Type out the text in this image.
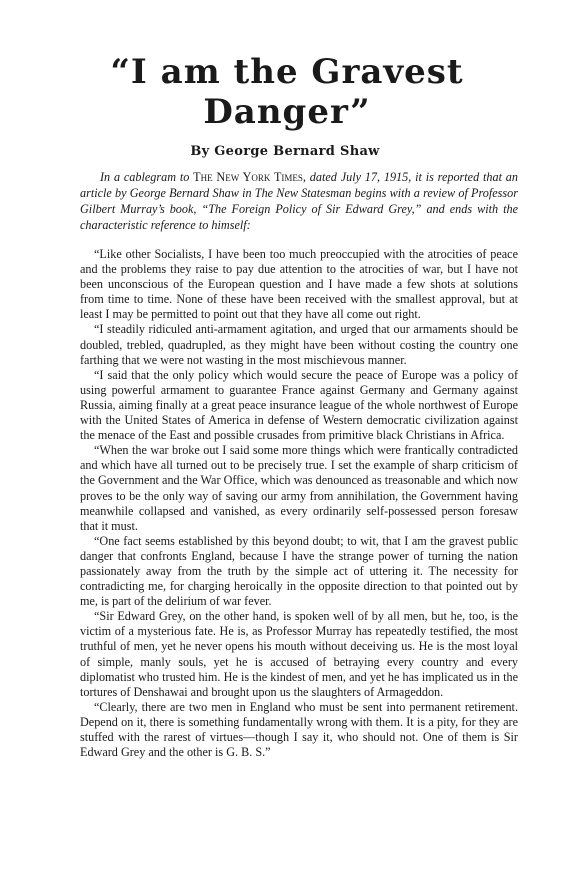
“I am the Gravest Danger”
By George Bernard Shaw
In a cablegram to The New York Times, dated July 17, 1915, it is reported that an article by George Bernard Shaw in The New Statesman begins with a review of Professor Gilbert Murray’s book, “The Foreign Policy of Sir Edward Grey,” and ends with the characteristic reference to himself:

“Like other Socialists, I have been too much preoccupied with the atrocities of peace and the problems they raise to pay due attention to the atrocities of war, but I have not been unconscious of the European question and I have made a few shots at solutions from time to time. None of these have been received with the smallest approval, but at least I may be permitted to point out that they have all come out right.

“I steadily ridiculed anti-armament agitation, and urged that our armaments should be doubled, trebled, quadrupled, as they might have been without costing the country one farthing that we were not wasting in the most mischievous manner.

“I said that the only policy which would secure the peace of Europe was a policy of using powerful armament to guarantee France against Germany and Germany against Russia, aiming finally at a great peace insurance league of the whole northwest of Europe with the United States of America in defense of Western democratic civilization against the menace of the East and possible crusades from primitive black Christians in Africa.

“When the war broke out I said some more things which were frantically contradicted and which have all turned out to be precisely true. I set the example of sharp criticism of the Government and the War Office, which was denounced as treasonable and which now proves to be the only way of saving our army from annihilation, the Government having meanwhile collapsed and vanished, as every ordinarily self-possessed person foresaw that it must.

“One fact seems established by this beyond doubt; to wit, that I am the gravest public danger that confronts England, because I have the strange power of turning the nation passionately away from the truth by the simple act of uttering it. The necessity for contradicting me, for charging heroically in the opposite direction to that pointed out by me, is part of the delirium of war fever.

“Sir Edward Grey, on the other hand, is spoken well of by all men, but he, too, is the victim of a mysterious fate. He is, as Professor Murray has repeatedly testified, the most truthful of men, yet he never opens his mouth without deceiving us. He is the most loyal of simple, manly souls, yet he is accused of betraying every country and every diplomatist who trusted him. He is the kindest of men, and yet he has implicated us in the tortures of Denshawai and brought upon us the slaughters of Armageddon.

“Clearly, there are two men in England who must be sent into permanent retirement. Depend on it, there is something fundamentally wrong with them. It is a pity, for they are stuffed with the rarest of virtues—though I say it, who should not. One of them is Sir Edward Grey and the other is G. B. S.”
